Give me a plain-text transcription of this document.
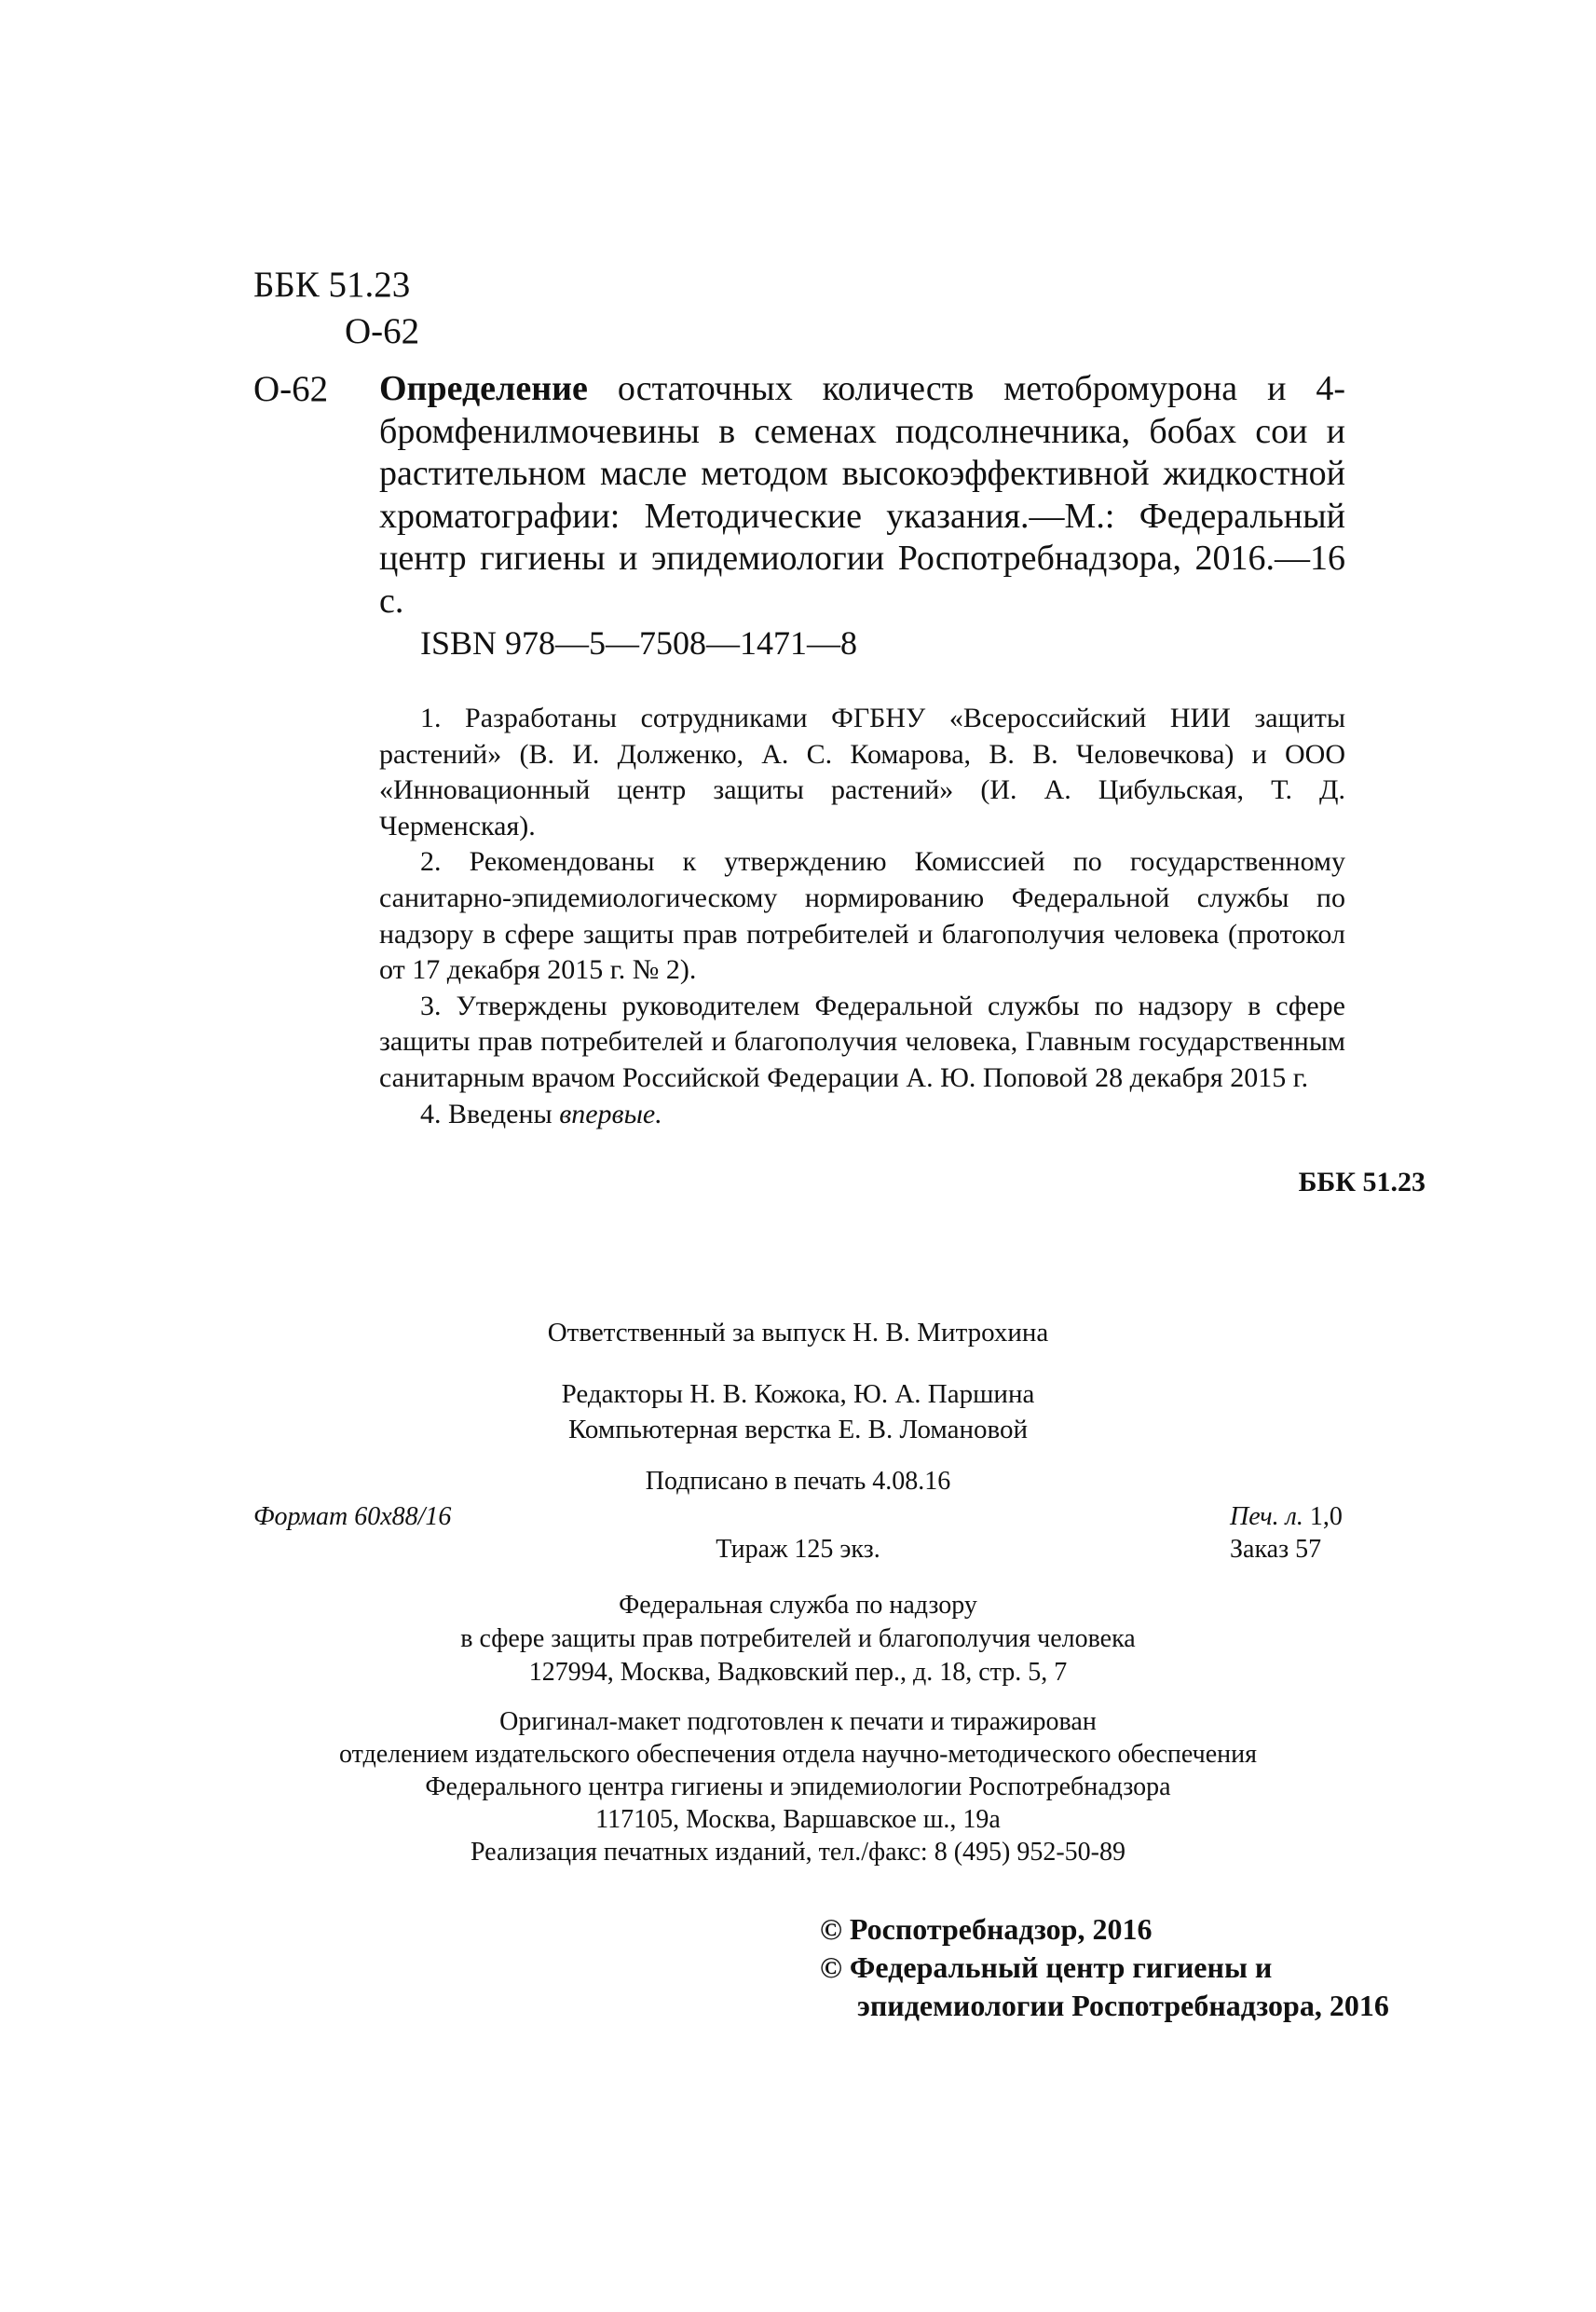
ББК 51.23
О-62
О-62 Определение остаточных количеств метобромурона и 4-бромфенилмочевины в семенах подсолнечника, бобах сои и растительном масле методом высокоэффективной жидкостной хроматографии: Методические указания.—М.: Федеральный центр гигиены и эпидемиологии Роспотребнадзора, 2016.—16 с.
ISBN 978—5—7508—1471—8

1. Разработаны сотрудниками ФГБНУ «Всероссийский НИИ защиты растений» (В. И. Долженко, А. С. Комарова, В. В. Человечкова) и ООО «Инновационный центр защиты растений» (И. А. Цибульская, Т. Д. Черменская).

2. Рекомендованы к утверждению Комиссией по государственному санитарно-эпидемиологическому нормированию Федеральной службы по надзору в сфере защиты прав потребителей и благополучия человека (протокол от 17 декабря 2015 г. № 2).

3. Утверждены руководителем Федеральной службы по надзору в сфере защиты прав потребителей и благополучия человека, Главным государственным санитарным врачом Российской Федерации А. Ю. Поповой 28 декабря 2015 г.

4. Введены впервые.

ББК 51.23
Ответственный за выпуск Н. В. Митрохина
Редакторы Н. В. Кожока, Ю. А. Паршина
Компьютерная верстка Е. В. Ломановой
Подписано в печать 4.08.16
Формат 60x88/16	Печ. л. 1,0
Тираж 125 экз.	Заказ 57
Федеральная служба по надзору
в сфере защиты прав потребителей и благополучия человека
127994, Москва, Вадковский пер., д. 18, стр. 5, 7
Оригинал-макет подготовлен к печати и тиражирован
отделением издательского обеспечения отдела научно-методического обеспечения
Федерального центра гигиены и эпидемиологии Роспотребнадзора
117105, Москва, Варшавское ш., 19а
Реализация печатных изданий, тел./факс: 8 (495) 952-50-89
© Роспотребнадзор, 2016
© Федеральный центр гигиены и
эпидемиологии Роспотребнадзора, 2016
